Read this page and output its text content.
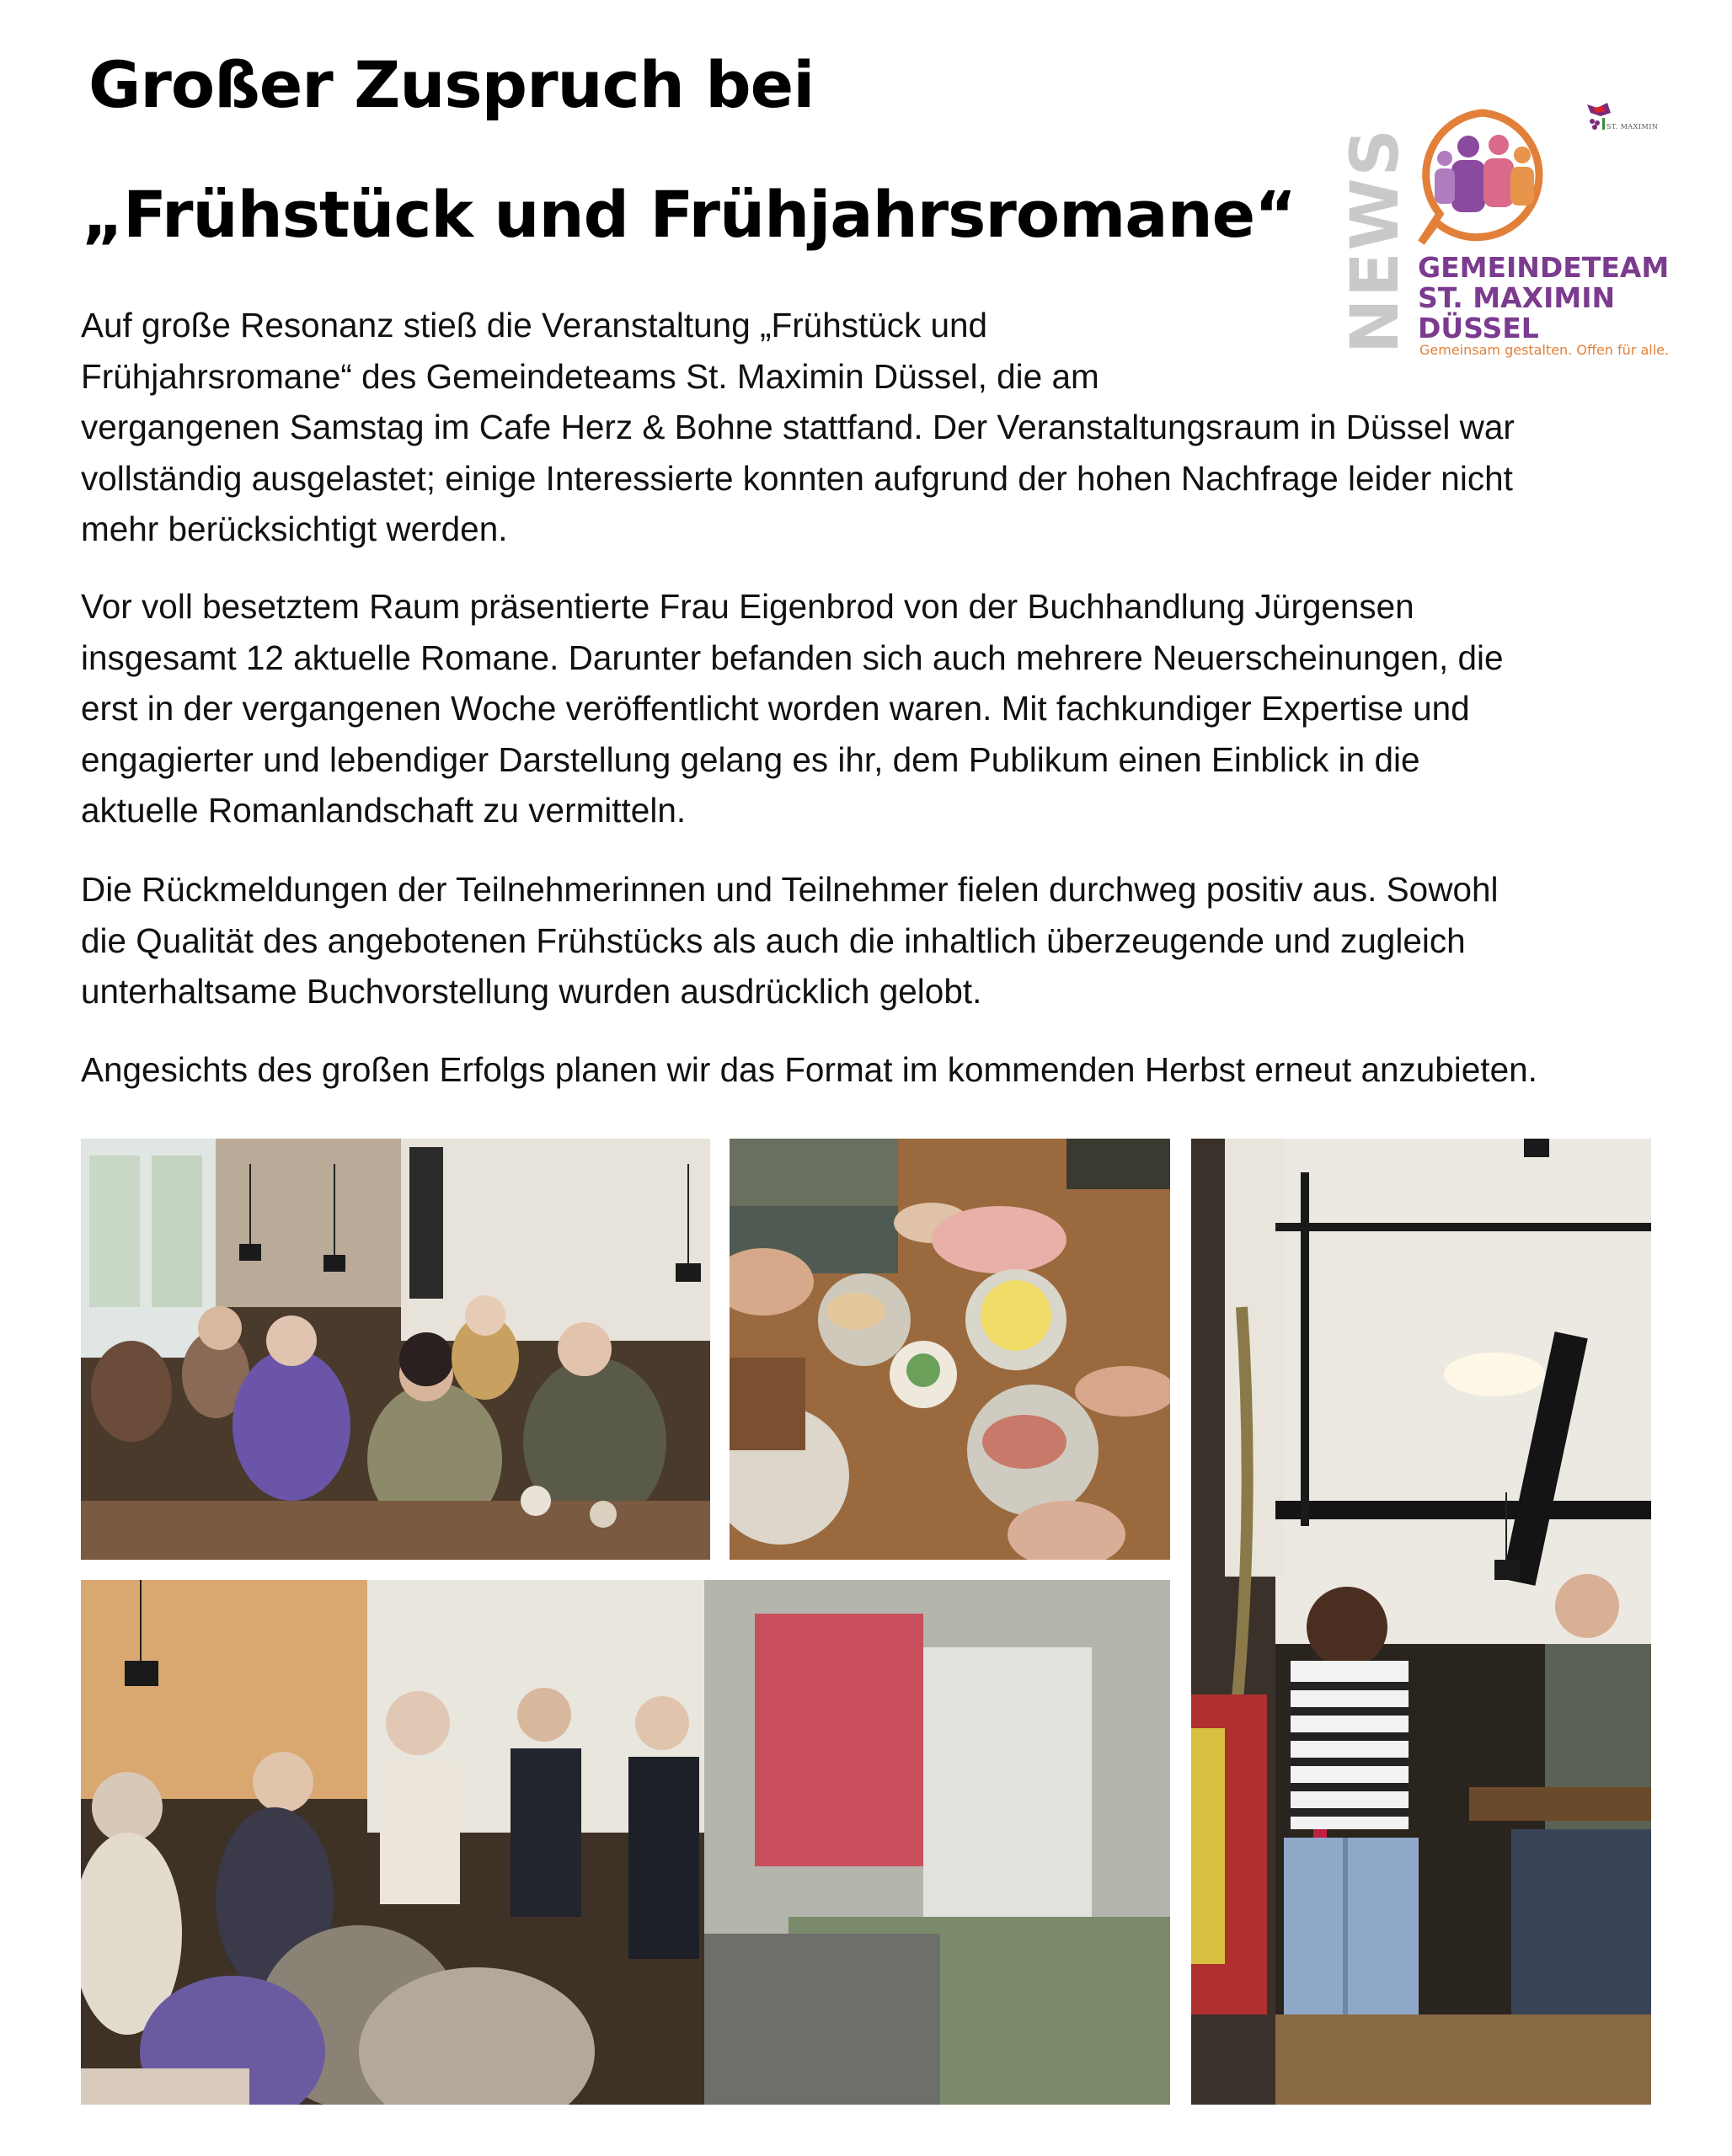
Großer Zuspruch bei
„Frühstück und Frühjahrsromane“ NEWS
ST. MAXIMIN
GEMEINDETEAM
ST. MAXIMIN
DÜSSEL
Gemeinsam gestalten. Offen für alle.
Auf große Resonanz stieß die Veranstaltung „Frühstück und
Frühjahrsromane“ des Gemeindeteams St. Maximin Düssel, die am
vergangenen Samstag im Cafe Herz & Bohne stattfand. Der Veranstaltungsraum in Düssel war
vollständig ausgelastet; einige Interessierte konnten aufgrund der hohen Nachfrage leider nicht
mehr berücksichtigt werden.
Vor voll besetztem Raum präsentierte Frau Eigenbrod von der Buchhandlung Jürgensen
insgesamt 12 aktuelle Romane. Darunter befanden sich auch mehrere Neuerscheinungen, die
erst in der vergangenen Woche veröffentlicht worden waren. Mit fachkundiger Expertise und
engagierter und lebendiger Darstellung gelang es ihr, dem Publikum einen Einblick in die
aktuelle Romanlandschaft zu vermitteln.
Die Rückmeldungen der Teilnehmerinnen und Teilnehmer fielen durchweg positiv aus. Sowohl
die Qualität des angebotenen Frühstücks als auch die inhaltlich überzeugende und zugleich
unterhaltsame Buchvorstellung wurden ausdrücklich gelobt.
Angesichts des großen Erfolgs planen wir das Format im kommenden Herbst erneut anzubieten.
